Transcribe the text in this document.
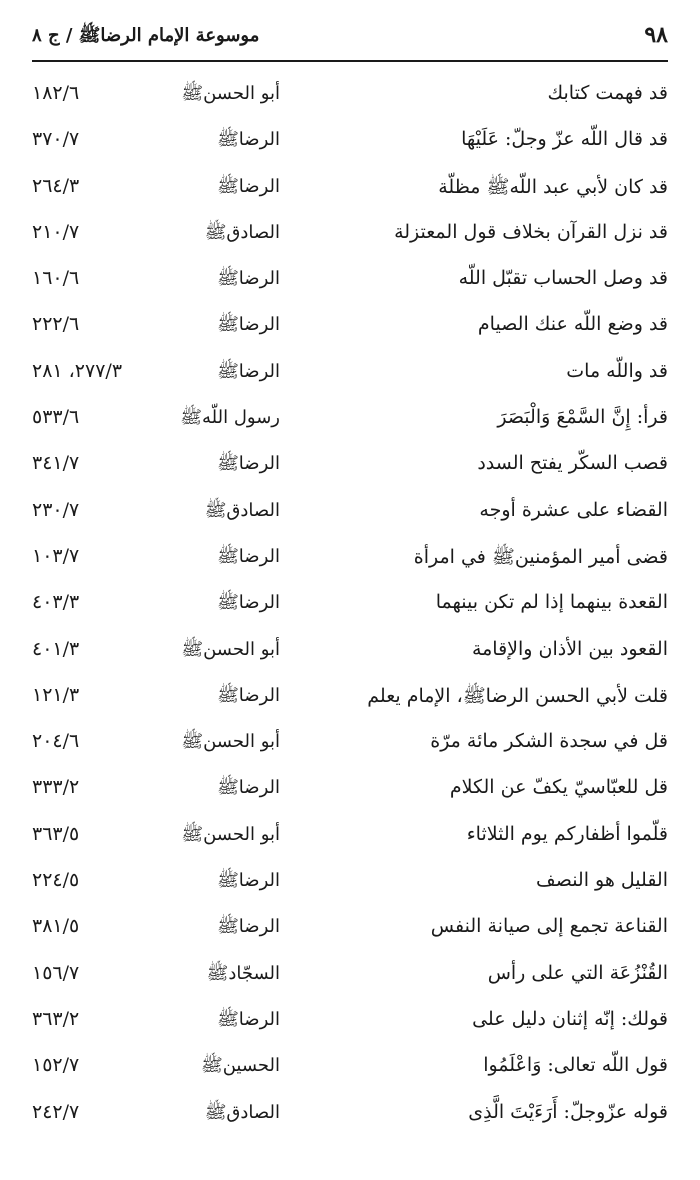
٩٨
موسوعة الإمام الرضاﷺ / ج ٨
قد فهمت كتابك
أبو الحسنﷺ
١٨٢/٦
قد قال اللّه عزّ وجلّ: عَلَيْهَا
الرضاﷺ
٣٧٠/٧
قد كان لأبي عبد اللّهﷺ مظلّة
الرضاﷺ
٢٦٤/٣
قد نزل القرآن بخلاف قول المعتزلة
الصادقﷺ
٢١٠/٧
قد وصل الحساب تقبّل اللّه
الرضاﷺ
١٦٠/٦
قد وضع اللّه عنك الصيام
الرضاﷺ
٢٢٢/٦
قد واللّه مات
الرضاﷺ
٢٧٧/٣، ٢٨١
قرأ: إِنَّ السَّمْعَ وَالْبَصَرَ
رسول اللّهﷺ
٥٣٣/٦
قصب السكّر يفتح السدد
الرضاﷺ
٣٤١/٧
القضاء على عشرة أوجه
الصادقﷺ
٢٣٠/٧
قضى أمير المؤمنينﷺ في امرأة
الرضاﷺ
١٠٣/٧
القعدة بينهما إذا لم تكن بينهما
الرضاﷺ
٤٠٣/٣
القعود بين الأذان والإقامة
أبو الحسنﷺ
٤٠١/٣
قلت لأبي الحسن الرضاﷺ، الإمام يعلم
الرضاﷺ
١٢١/٣
قل في سجدة الشكر مائة مرّة
أبو الحسنﷺ
٢٠٤/٦
قل للعبّاسيّ يكفّ عن الكلام
الرضاﷺ
٣٣٣/٢
قلّموا أظفاركم يوم الثلاثاء
أبو الحسنﷺ
٣٦٣/٥
القليل هو النصف
الرضاﷺ
٢٢٤/٥
القناعة تجمع إلى صيانة النفس
الرضاﷺ
٣٨١/٥
القُنْزُعَة التي على رأس
السجّادﷺ
١٥٦/٧
قولك: إنّه إثنان دليل على
الرضاﷺ
٣٦٣/٢
قول اللّه تعالى: وَاعْلَمُوا
الحسينﷺ
١٥٢/٧
قوله عزّوجلّ: أَرَءَيْتَ الَّذِى
الصادقﷺ
٢٤٢/٧
